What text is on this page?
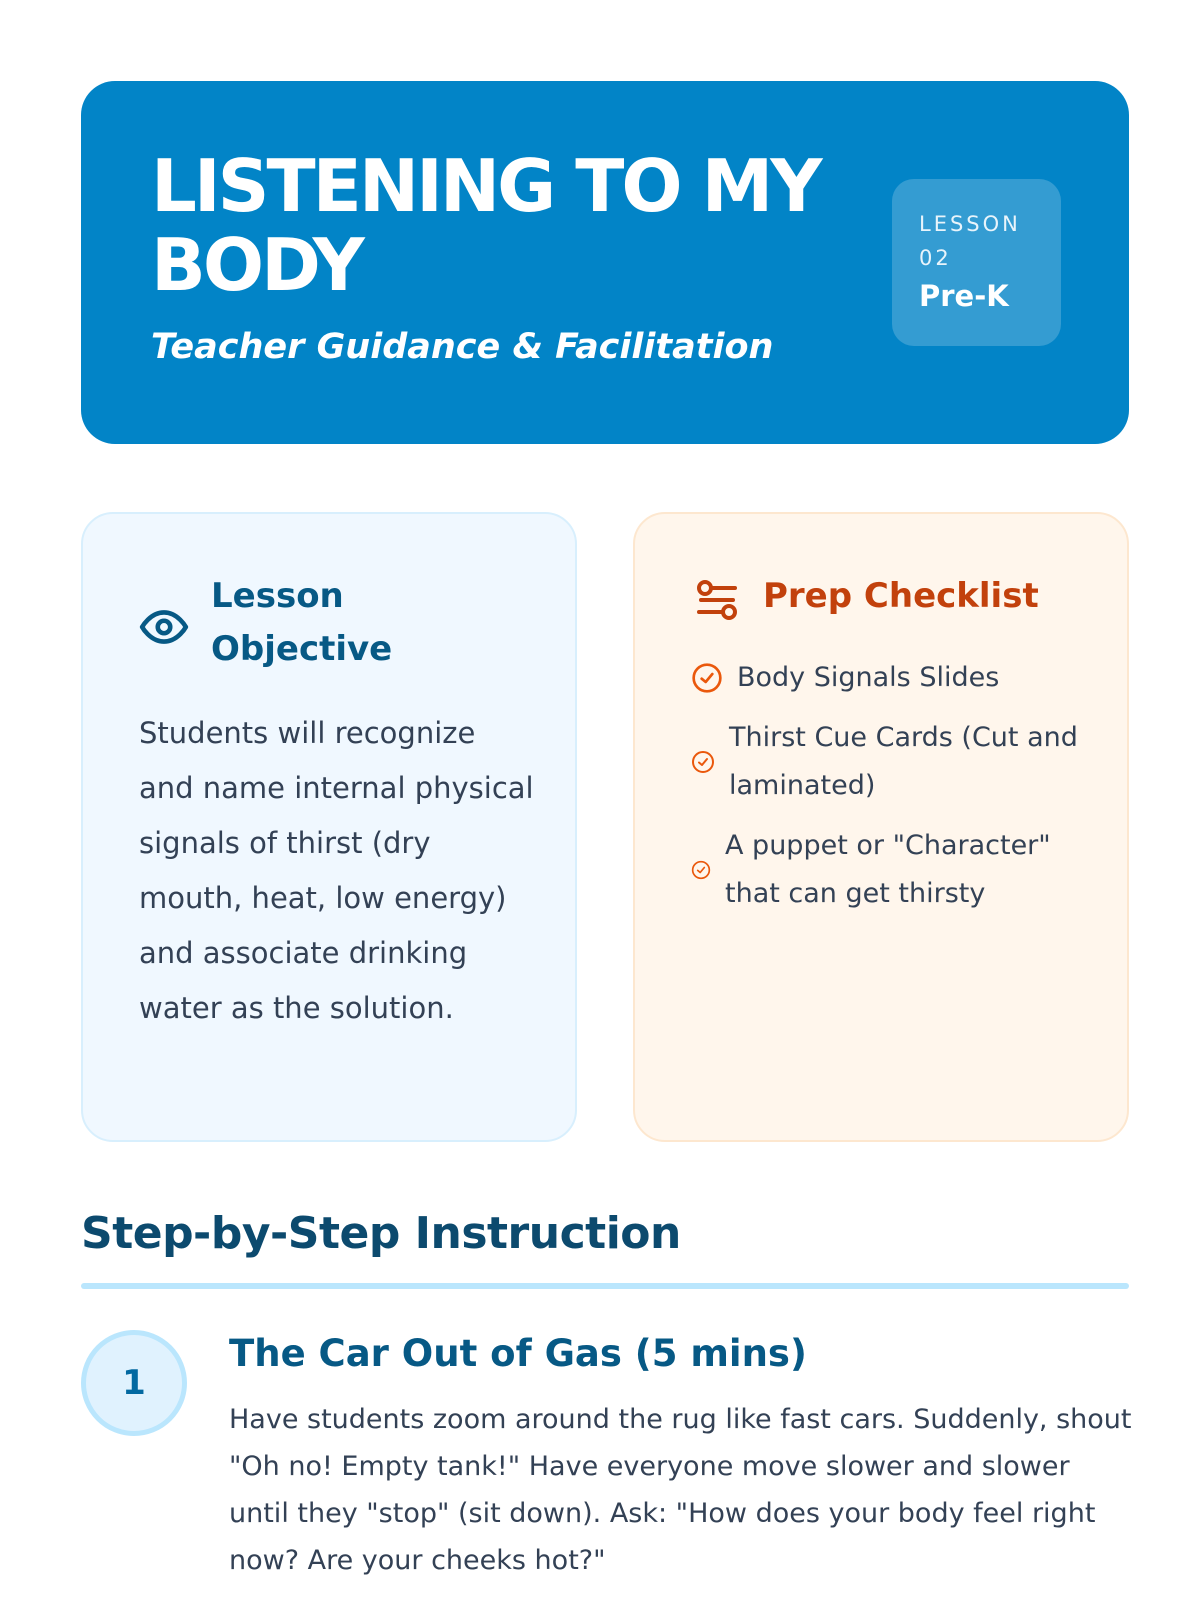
LISTENING TO MY BODY

Teacher Guidance & Facilitation

LESSON 02
Pre-K
Lesson Objective

Students will recognize and name internal physical signals of thirst (dry mouth, heat, low energy) and associate drinking water as the solution.

Prep Checklist
Body Signals Slides
Thirst Cue Cards (Cut and laminated)
A puppet or "Character" that can get thirsty
Step-by-Step Instruction
1
The Car Out of Gas (5 mins)

Have students zoom around the rug like fast cars. Suddenly, shout "Oh no! Empty tank!" Have everyone move slower and slower until they "stop" (sit down). Ask: "How does your body feel right now? Are your cheeks hot?"
